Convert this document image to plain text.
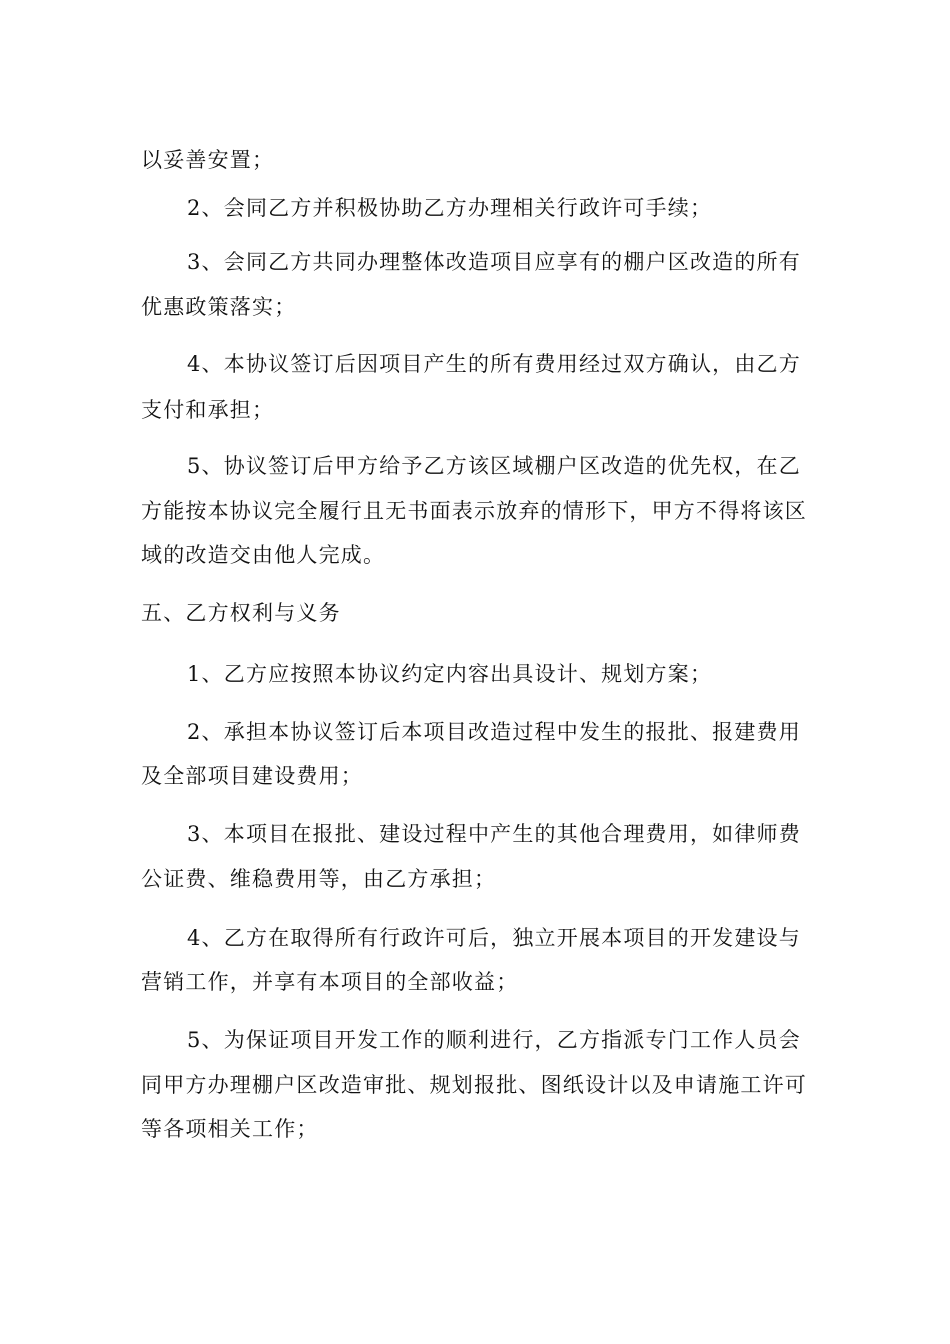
以妥善安置；
2、会同乙方并积极协助乙方办理相关行政许可手续；
3、会同乙方共同办理整体改造项目应享有的棚户区改造的所有
优惠政策落实；
4、本协议签订后因项目产生的所有费用经过双方确认，由乙方
支付和承担；
5、协议签订后甲方给予乙方该区域棚户区改造的优先权，在乙
方能按本协议完全履行且无书面表示放弃的情形下，甲方不得将该区
域的改造交由他人完成。
五、乙方权利与义务
1、乙方应按照本协议约定内容出具设计、规划方案；
2、承担本协议签订后本项目改造过程中发生的报批、报建费用
及全部项目建设费用；
3、本项目在报批、建设过程中产生的其他合理费用，如律师费
公证费、维稳费用等，由乙方承担；
4、乙方在取得所有行政许可后，独立开展本项目的开发建设与
营销工作，并享有本项目的全部收益；
5、为保证项目开发工作的顺利进行，乙方指派专门工作人员会
同甲方办理棚户区改造审批、规划报批、图纸设计以及申请施工许可
等各项相关工作；
